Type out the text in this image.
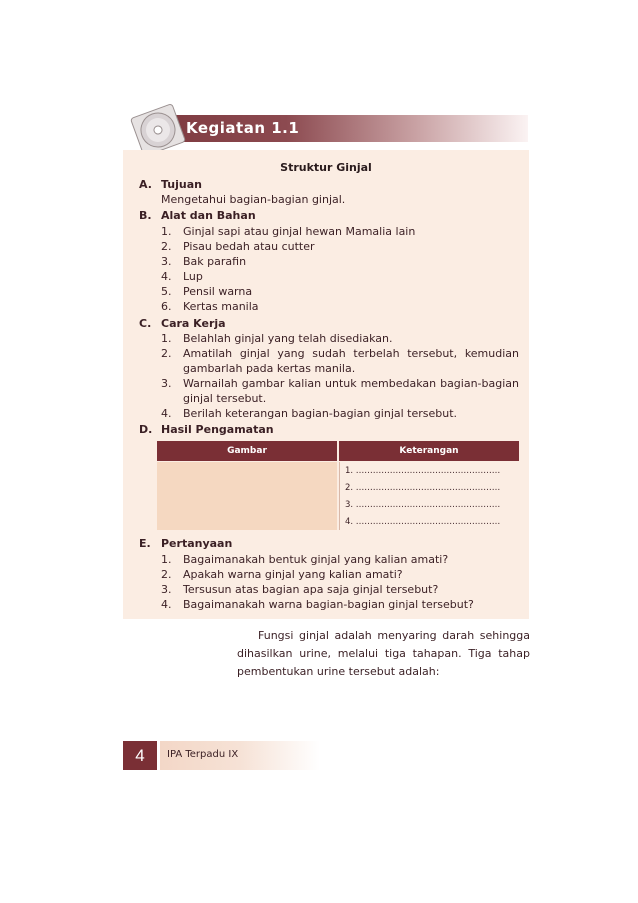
Kegiatan 1.1
Struktur Ginjal
A. Tujuan
Mengetahui bagian-bagian ginjal.
B. Alat dan Bahan
1. Ginjal sapi atau ginjal hewan Mamalia lain
2. Pisau bedah atau cutter
3. Bak parafin
4. Lup
5. Pensil warna
6. Kertas manila
C. Cara Kerja
1. Belahlah ginjal yang telah disediakan.
2. Amatilah ginjal yang sudah terbelah tersebut, kemudian
gambarlah pada kertas manila.
3. Warnailah gambar kalian untuk membedakan bagian-bagian
ginjal tersebut.
4. Berilah keterangan bagian-bagian ginjal tersebut.
D. Hasil Pengamatan
E. Pertanyaan
1. Bagaimanakah bentuk ginjal yang kalian amati?
2. Apakah warna ginjal yang kalian amati?
3. Tersusun atas bagian apa saja ginjal tersebut?
4. Bagaimanakah warna bagian-bagian ginjal tersebut?
Gambar	Keterangan
1. ……………………………………………
2. ……………………………………………
3. ……………………………………………
4. ……………………………………………
Fungsi ginjal adalah menyaring darah sehingga
dihasilkan urine, melalui tiga tahapan. Tiga tahap
pembentukan urine tersebut adalah:
4	IPA Terpadu IX
